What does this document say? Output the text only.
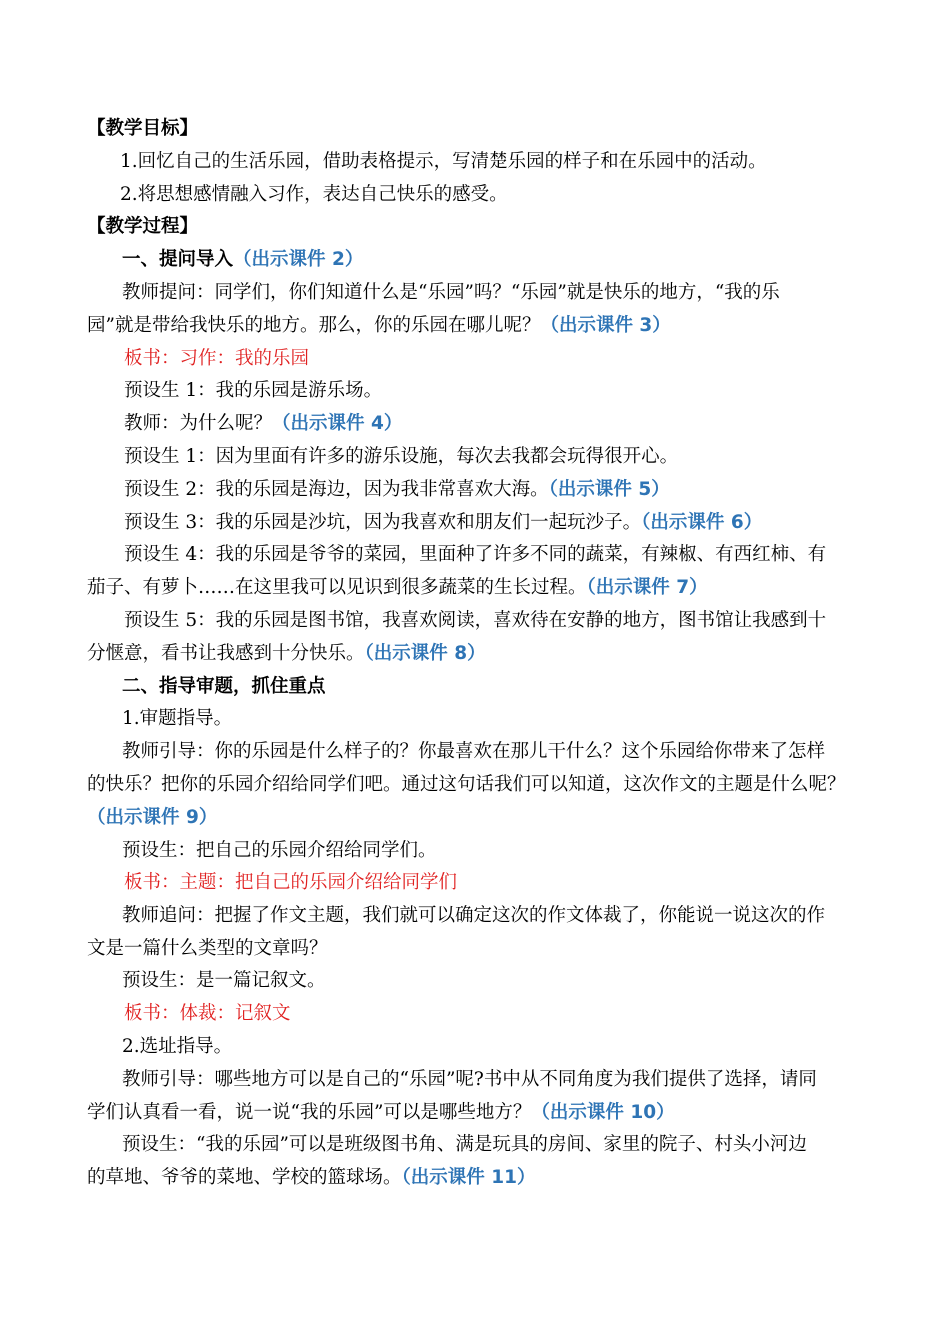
【教学目标】
1.回忆自己的生活乐园，借助表格提示，写清楚乐园的样子和在乐园中的活动。
2.将思想感情融入习作，表达自己快乐的感受。
【教学过程】
一、提问导入（出示课件 2）
教师提问：同学们，你们知道什么是“乐园”吗？“乐园”就是快乐的地方，“我的乐
园”就是带给我快乐的地方。那么，你的乐园在哪儿呢？（出示课件 3）
板书：习作：我的乐园
预设生 1：我的乐园是游乐场。
教师：为什么呢？（出示课件 4）
预设生 1：因为里面有许多的游乐设施，每次去我都会玩得很开心。
预设生 2：我的乐园是海边，因为我非常喜欢大海。（出示课件 5）
预设生 3：我的乐园是沙坑，因为我喜欢和朋友们一起玩沙子。（出示课件 6）
预设生 4：我的乐园是爷爷的菜园，里面种了许多不同的蔬菜，有辣椒、有西红柿、有
茄子、有萝卜……在这里我可以见识到很多蔬菜的生长过程。（出示课件 7）
预设生 5：我的乐园是图书馆，我喜欢阅读，喜欢待在安静的地方，图书馆让我感到十
分惬意，看书让我感到十分快乐。（出示课件 8）
二、指导审题，抓住重点
1.审题指导。
教师引导：你的乐园是什么样子的？你最喜欢在那儿干什么？这个乐园给你带来了怎样
的快乐？把你的乐园介绍给同学们吧。通过这句话我们可以知道，这次作文的主题是什么呢？
（出示课件 9）
预设生：把自己的乐园介绍给同学们。
板书：主题：把自己的乐园介绍给同学们
教师追问：把握了作文主题，我们就可以确定这次的作文体裁了，你能说一说这次的作
文是一篇什么类型的文章吗？
预设生：是一篇记叙文。
板书：体裁：记叙文
2.选址指导。
教师引导：哪些地方可以是自己的“乐园”呢?书中从不同角度为我们提供了选择，请同
学们认真看一看，说一说“我的乐园”可以是哪些地方？（出示课件 10）
预设生：“我的乐园”可以是班级图书角、满是玩具的房间、家里的院子、村头小河边
的草地、爷爷的菜地、学校的篮球场。（出示课件 11）
